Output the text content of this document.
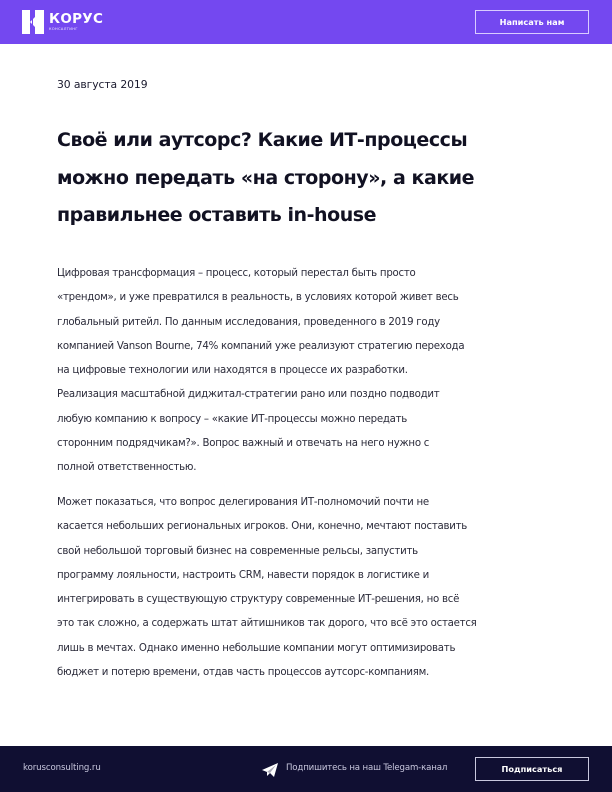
КОРУС
КОНСАЛТИНГ
Написать нам
30 августа 2019
Своё или аутсорс? Какие ИТ-процессы
можно передать «на сторону», а какие
правильнее оставить in-house
Цифровая трансформация – процесс, который перестал быть просто
«трендом», и уже превратился в реальность, в условиях которой живет весь
глобальный ритейл. По данным исследования, проведенного в 2019 году
компанией Vanson Bourne, 74% компаний уже реализуют стратегию перехода
на цифровые технологии или находятся в процессе их разработки.
Реализация масштабной диджитал-стратегии рано или поздно подводит
любую компанию к вопросу – «какие ИТ-процессы можно передать
сторонним подрядчикам?». Вопрос важный и отвечать на него нужно с
полной ответственностью.
Может показаться, что вопрос делегирования ИТ-полномочий почти не
касается небольших региональных игроков. Они, конечно, мечтают поставить
свой небольшой торговый бизнес на современные рельсы, запустить
программу лояльности, настроить CRM, навести порядок в логистике и
интегрировать в существующую структуру современные ИТ-решения, но всё
это так сложно, а содержать штат айтишников так дорого, что всё это остается
лишь в мечтах. Однако именно небольшие компании могут оптимизировать
бюджет и потерю времени, отдав часть процессов аутсорс-компаниям.
korusconsulting.ru	Подпишитесь на наш Telegam-канал	Подписаться
